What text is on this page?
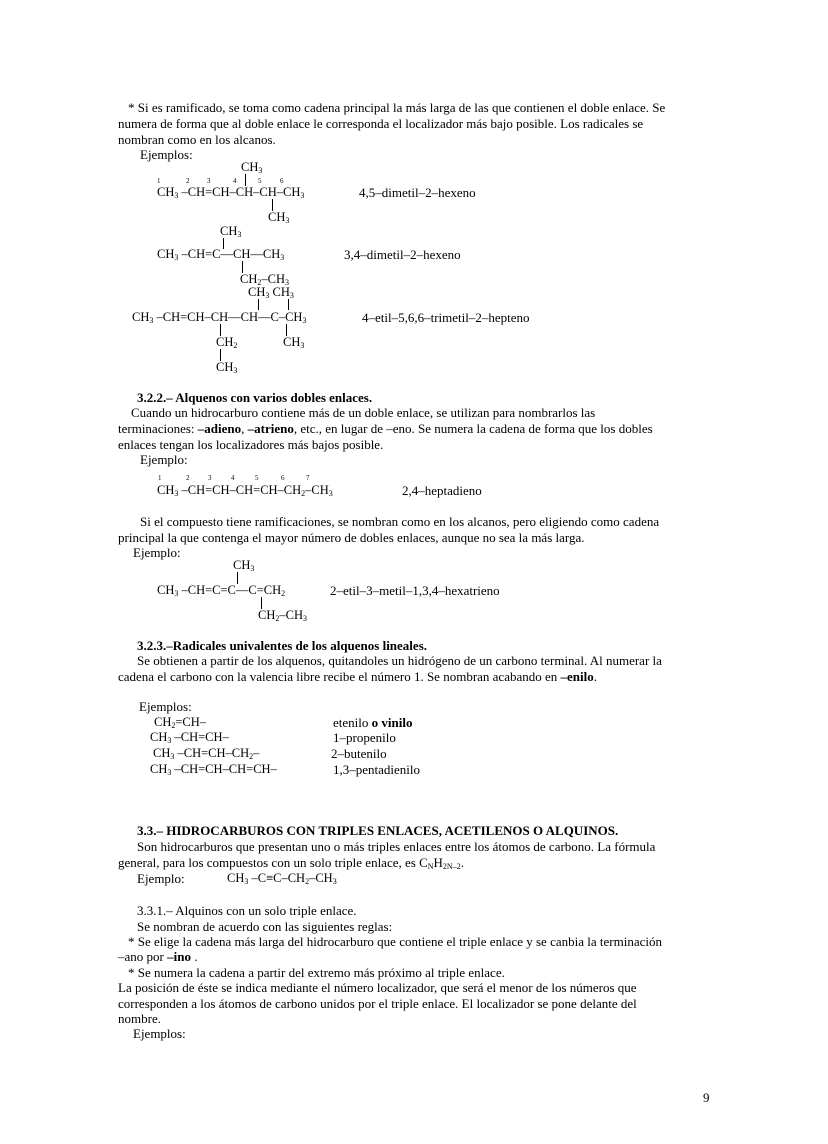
* Si es ramificado, se toma como cadena principal la más larga de las que contienen el doble enlace. Se
numera de forma que al doble enlace le corresponda el localizador más bajo posible. Los radicales se
nombran como en los alcanos.
Ejemplos:
$CH_3$
1	2	3	4	5	6
$CH_3$ $-CH=CH-CH-CH-CH_3$
$CH_3$
4,5–dimetil–2–hexeno
$CH_3$
$CH_3$ $-CH=C—CH—CH_3$
$CH_2-CH_3$
3,4–dimetil–2–hexeno
$CH_3$ $CH_3$
$CH_3$ $-CH=CH-CH—CH—C-CH_3$
$CH_2$	$CH_3$
$CH_3$
4–etil–5,6,6–trimetil–2–hepteno
3.2.2.– Alquenos con varios dobles enlaces.
Cuando un hidrocarburo contiene más de un doble enlace, se utilizan para nombrarlos las
terminaciones: –adieno, –atrieno, etc., en lugar de –eno. Se numera la cadena de forma que los dobles
enlaces tengan los localizadores más bajos posible.
Ejemplo:
1	2	3	4	5	6	7
$CH_3$ $-CH=CH-CH=CH-CH_2-CH_3$	2,4–heptadieno
Si el compuesto tiene ramificaciones, se nombran como en los alcanos, pero eligiendo como cadena
principal la que contenga el mayor número de dobles enlaces, aunque no sea la más larga.
Ejemplo:
$CH_3$
$CH_3$ $-CH=C=C—C=CH_2$
$CH_2-CH_3$
2–etil–3–metil–1,3,4–hexatrieno
3.2.3.–Radicales univalentes de los alquenos lineales.
Se obtienen a partir de los alquenos, quitandoles un hidrógeno de un carbono terminal. Al numerar la
cadena el carbono con la valencia libre recibe el número 1. Se nombran acabando en –enilo.
Ejemplos:
$CH_2=CH-$	etenilo o vinilo
$CH_3$ –CH=CH–	1–propenilo
$CH_3$ $-CH=CH-CH_2-$	2–butenilo
$CH_3$ –CH=CH–CH=CH–	1,3–pentadienilo
3.3.– HIDROCARBUROS CON TRIPLES ENLACES, ACETILENOS O ALQUINOS.
Son hidrocarburos que presentan uno o más triples enlaces entre los átomos de carbono. La fórmula
general, para los compuestos con un solo triple enlace, es $C_NH_{2N-2}$.
Ejemplo:	$CH_3$ $-C\equiv C-CH_2-CH_3$
3.3.1.– Alquinos con un solo triple enlace.
Se nombran de acuerdo con las siguientes reglas:
* Se elige la cadena más larga del hidrocarburo que contiene el triple enlace y se canbia la terminación
–ano por –ino .
* Se numera la cadena a partir del extremo más próximo al triple enlace.
La posición de éste se indica mediante el número localizador, que será el menor de los números que
corresponden a los átomos de carbono unidos por el triple enlace. El localizador se pone delante del
nombre.
Ejemplos:
9
